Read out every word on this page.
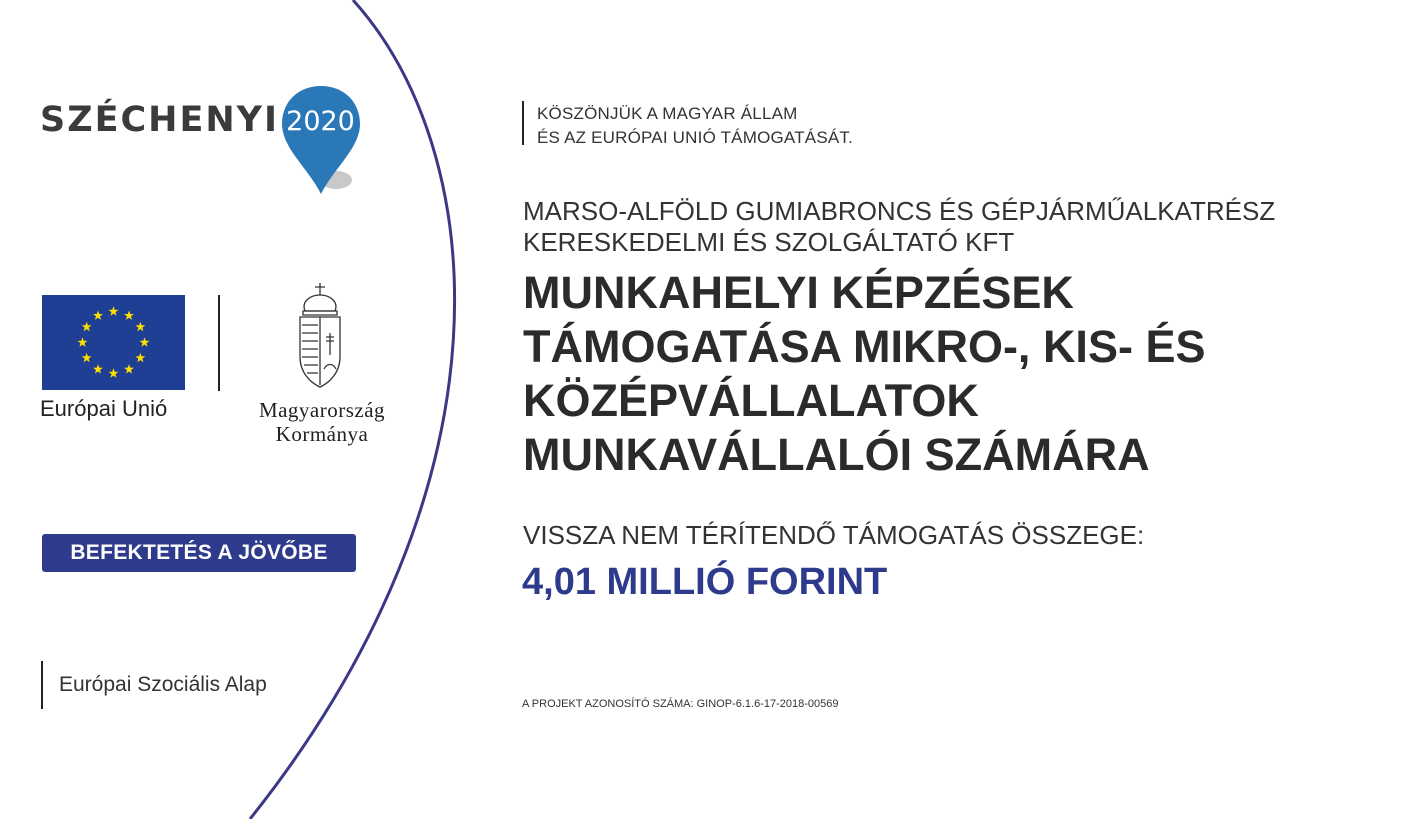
SZÉCHENYI 2020
Európai Unió	Magyarország
Kormánya
BEFEKTETÉS A JÖVŐBE
Európai Szociális Alap
KÖSZÖNJÜK A MAGYAR ÁLLAM
ÉS AZ EURÓPAI UNIÓ TÁMOGATÁSÁT.
MARSO-ALFÖLD GUMIABRONCS ÉS GÉPJÁRMŰALKATRÉSZ
KERESKEDELMI ÉS SZOLGÁLTATÓ KFT
MUNKAHELYI KÉPZÉSEK
TÁMOGATÁSA MIKRO-, KIS- ÉS
KÖZÉPVÁLLALATOK
MUNKAVÁLLALÓI SZÁMÁRA
VISSZA NEM TÉRÍTENDŐ TÁMOGATÁS ÖSSZEGE:
4,01 MILLIÓ FORINT
A PROJEKT AZONOSÍTÓ SZÁMA: GINOP-6.1.6-17-2018-00569
